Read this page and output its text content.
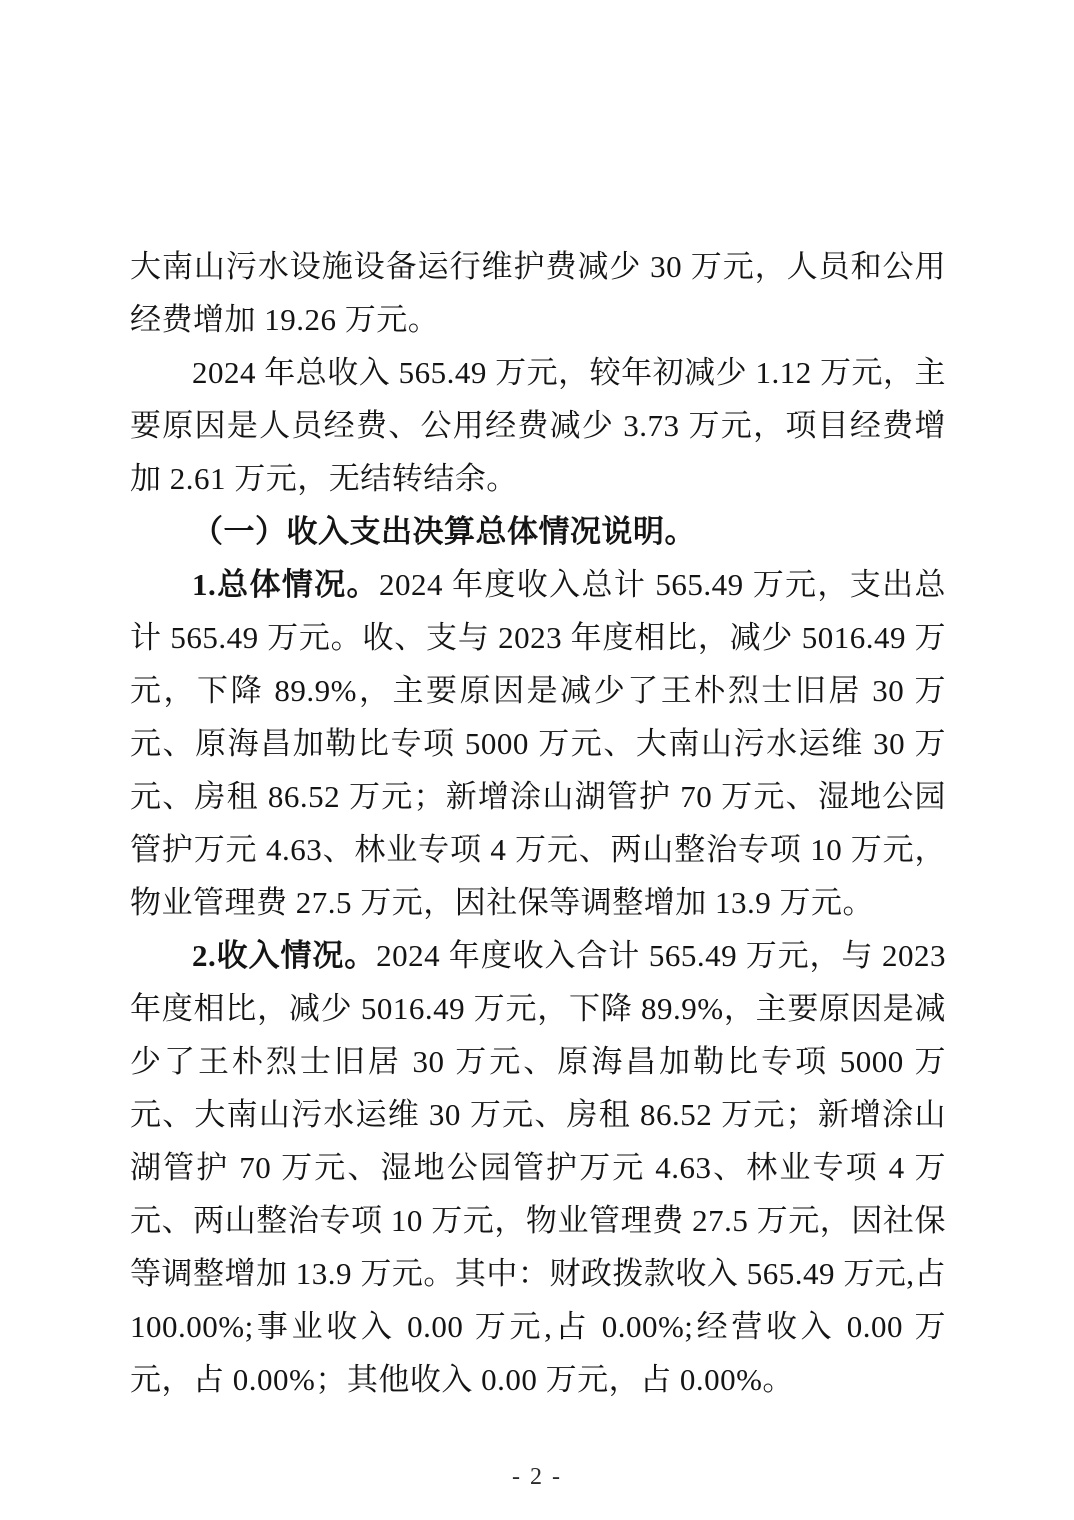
大南山污水设施设备运行维护费减少 30 万元，人员和公用经费增加 19.26 万元。

2024 年总收入 565.49 万元，较年初减少 1.12 万元，主要原因是人员经费、公用经费减少 3.73 万元，项目经费增加 2.61 万元，无结转结余。

（一）收入支出决算总体情况说明。

1.总体情况。2024 年度收入总计 565.49 万元，支出总计 565.49 万元。收、支与 2023 年度相比，减少 5016.49 万元，下降 89.9%，主要原因是减少了王朴烈士旧居 30 万元、原海昌加勒比专项 5000 万元、大南山污水运维 30 万元、房租 86.52 万元；新增涂山湖管护 70 万元、湿地公园管护万元 4.63、林业专项 4 万元、两山整治专项 10 万元，物业管理费 27.5 万元，因社保等调整增加 13.9 万元。

2.收入情况。2024 年度收入合计 565.49 万元，与 2023 年度相比，减少 5016.49 万元，下降 89.9%，主要原因是减少了王朴烈士旧居 30 万元、原海昌加勒比专项 5000 万元、大南山污水运维 30 万元、房租 86.52 万元；新增涂山湖管护 70 万元、湿地公园管护万元 4.63、林业专项 4 万元、两山整治专项 10 万元，物业管理费 27.5 万元，因社保等调整增加 13.9 万元。其中：财政拨款收入 565.49 万元,占 100.00%;事业收入 0.00 万元,占 0.00%;经营收入 0.00 万元，占 0.00%；其他收入 0.00 万元，占 0.00%。

- 2 -
